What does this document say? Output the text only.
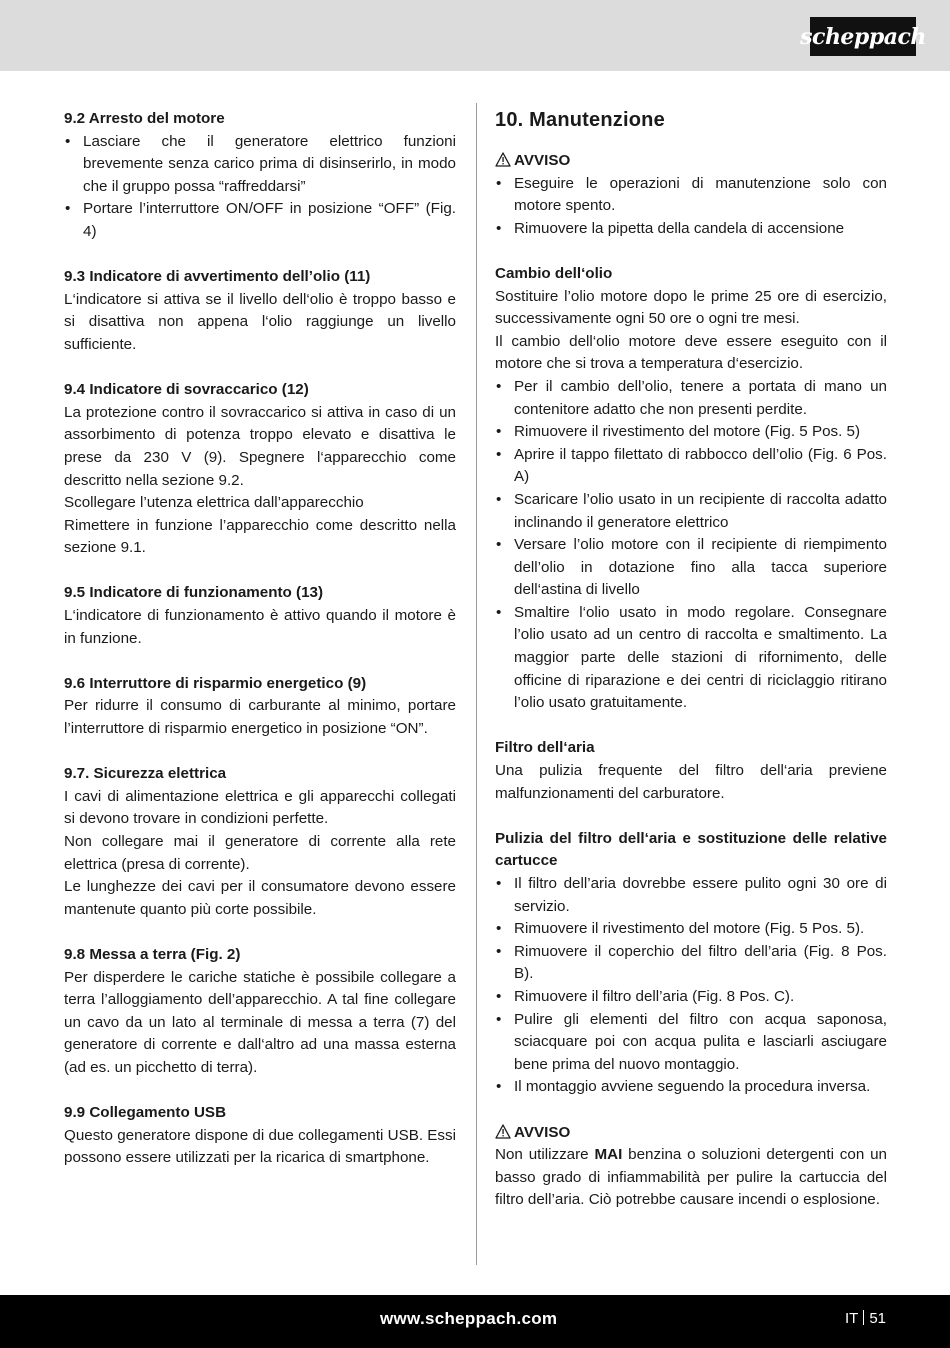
scheppach
9.2 Arresto del motore
• Lasciare che il generatore elettrico funzioni brevemente senza carico prima di disinserirlo, in modo che il gruppo possa “raffreddarsi”
• Portare l’interruttore ON/OFF in posizione “OFF” (Fig. 4)
9.3 Indicatore di avvertimento dell’olio (11)

L‘indicatore si attiva se il livello dell‘olio è troppo basso e si disattiva non appena l‘olio raggiunge un livello sufficiente.

9.4 Indicatore di sovraccarico (12)

La protezione contro il sovraccarico si attiva in caso di un assorbimento di potenza troppo elevato e disattiva le prese da 230 V (9). Spegnere l‘apparecchio come descritto nella sezione 9.2.

Scollegare l’utenza elettrica dall’apparecchio

Rimettere in funzione l’apparecchio come descritto nella sezione 9.1.

9.5 Indicatore di funzionamento (13)

L‘indicatore di funzionamento è attivo quando il motore è in funzione.

9.6 Interruttore di risparmio energetico (9)

Per ridurre il consumo di carburante al minimo, portare l’interruttore di risparmio energetico in posizione “ON”.

9.7. Sicurezza elettrica

I cavi di alimentazione elettrica e gli apparecchi collegati si devono trovare in condizioni perfette.

Non collegare mai il generatore di corrente alla rete elettrica (presa di corrente).

Le lunghezze dei cavi per il consumatore devono essere mantenute quanto più corte possibile.

9.8 Messa a terra (Fig. 2)

Per disperdere le cariche statiche è possibile collegare a terra l’alloggiamento dell’apparecchio. A tal fine collegare un cavo da un lato al terminale di messa a terra (7) del generatore di corrente e dall‘altro ad una massa esterna (ad es. un picchetto di terra).

9.9 Collegamento USB

Questo generatore dispone di due collegamenti USB. Essi possono essere utilizzati per la ricarica di smartphone.

10. Manutenzione
AVVISO
• Eseguire le operazioni di manutenzione solo con motore spento.
• Rimuovere la pipetta della candela di accensione
Cambio dell‘olio

Sostituire l’olio motore dopo le prime 25 ore di esercizio, successivamente ogni 50 ore o ogni tre mesi.

Il cambio dell‘olio motore deve essere eseguito con il motore che si trova a temperatura d‘esercizio.

• Per il cambio dell’olio, tenere a portata di mano un contenitore adatto che non presenti perdite.
• Rimuovere il rivestimento del motore (Fig. 5 Pos. 5)
• Aprire il tappo filettato di rabbocco dell’olio (Fig. 6 Pos. A)
• Scaricare l’olio usato in un recipiente di raccolta adatto inclinando il generatore elettrico
• Versare l’olio motore con il recipiente di riempimento dell’olio in dotazione fino alla tacca superiore dell‘astina di livello
• Smaltire l‘olio usato in modo regolare. Consegnare l’olio usato ad un centro di raccolta e smaltimento. La maggior parte delle stazioni di rifornimento, delle officine di riparazione e dei centri di riciclaggio ritirano l’olio usato gratuitamente.
Filtro dell‘aria

Una pulizia frequente del filtro dell‘aria previene malfunzionamenti del carburatore.

Pulizia del filtro dell‘aria e sostituzione delle relative cartucce
• Il filtro dell’aria dovrebbe essere pulito ogni 30 ore di servizio.
• Rimuovere il rivestimento del motore (Fig. 5 Pos. 5).
• Rimuovere il coperchio del filtro dell’aria (Fig. 8 Pos. B).
• Rimuovere il filtro dell’aria (Fig. 8 Pos. C).
• Pulire gli elementi del filtro con acqua saponosa, sciacquare poi con acqua pulita e lasciarli asciugare bene prima del nuovo montaggio.
• Il montaggio avviene seguendo la procedura inversa.
AVVISO

Non utilizzare MAI benzina o soluzioni detergenti con un basso grado di infiammabilità per pulire la cartuccia del filtro dell’aria. Ciò potrebbe causare incendi o esplosione.

www.scheppach.com	IT 51
